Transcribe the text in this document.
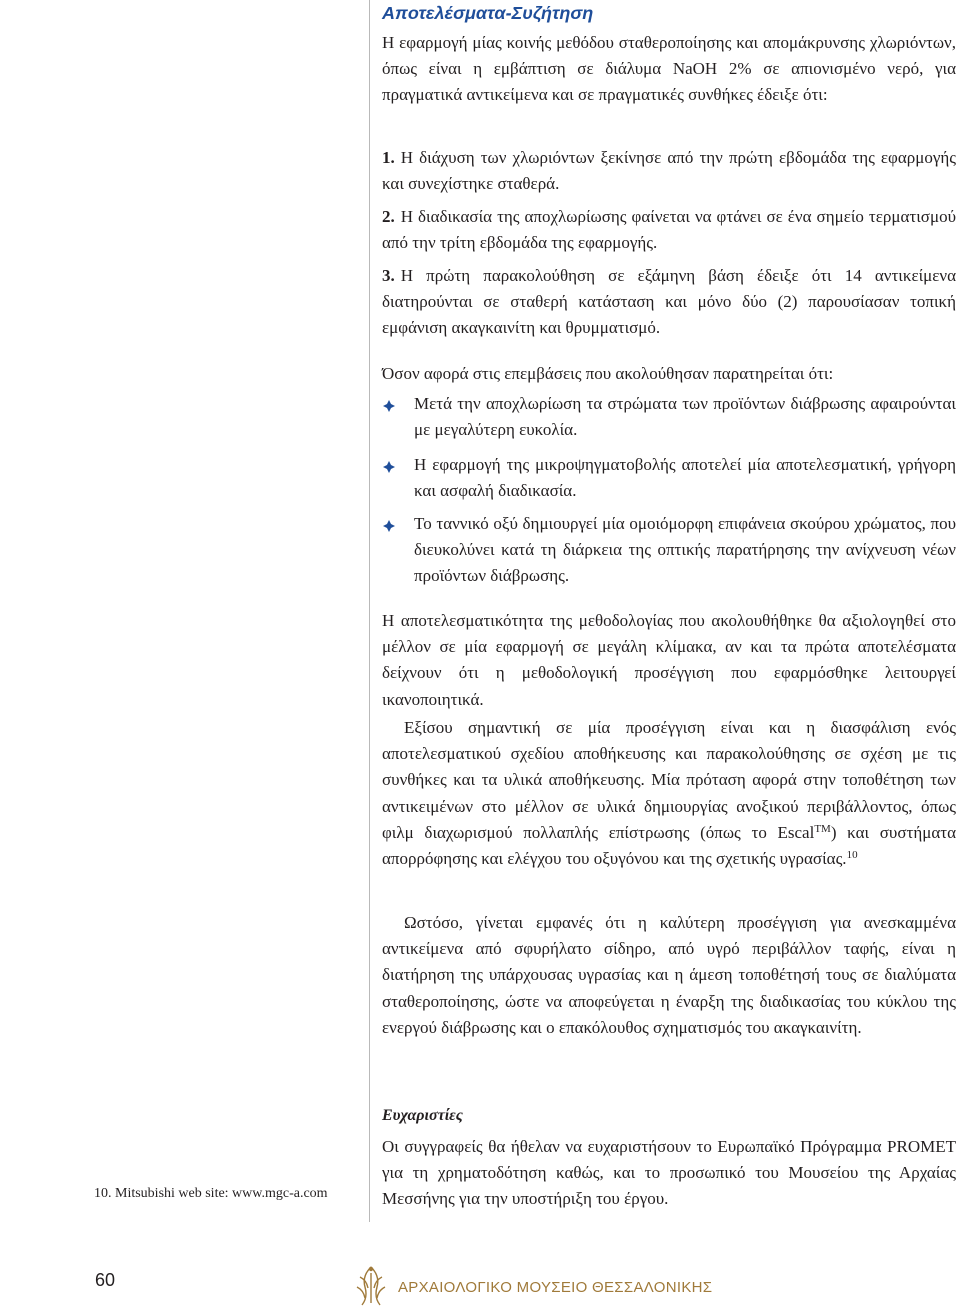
Αποτελέσματα-Συζήτηση

Η εφαρμογή μίας κοινής μεθόδου σταθεροποίησης και απομάκρυνσης χλωριόντων, όπως είναι η εμβάπτιση σε διάλυμα NaOH 2% σε απιονισμένο νερό, για πραγματικά αντικείμενα και σε πραγματικές συνθήκες έδειξε ότι:

1. Η διάχυση των χλωριόντων ξεκίνησε από την πρώτη εβδομάδα της εφαρμογής και συνεχίστηκε σταθερά.

2. Η διαδικασία της αποχλωρίωσης φαίνεται να φτάνει σε ένα σημείο τερματισμού από την τρίτη εβδομάδα της εφαρμογής.

3. Η πρώτη παρακολούθηση σε εξάμηνη βάση έδειξε ότι 14 αντικείμενα διατηρούνται σε σταθερή κατάσταση και μόνο δύο (2) παρουσίασαν τοπική εμφάνιση ακαγκαινίτη και θρυμματισμό.

Όσον αφορά στις επεμβάσεις που ακολούθησαν παρατηρείται ότι:

Μετά την αποχλωρίωση τα στρώματα των προϊόντων διάβρωσης αφαιρούνται με μεγαλύτερη ευκολία.

Η εφαρμογή της μικροψηγματοβολής αποτελεί μία αποτελεσματική, γρήγορη και ασφαλή διαδικασία.

Το ταννικό οξύ δημιουργεί μία ομοιόμορφη επιφάνεια σκούρου χρώματος, που διευκολύνει κατά τη διάρκεια της οπτικής παρατήρησης την ανίχνευση νέων προϊόντων διάβρωσης.

Η αποτελεσματικότητα της μεθοδολογίας που ακολουθήθηκε θα αξιολογηθεί στο μέλλον σε μία εφαρμογή σε μεγάλη κλίμακα, αν και τα πρώτα αποτελέσματα δείχνουν ότι η μεθοδολογική προσέγγιση που εφαρμόσθηκε λειτουργεί ικανοποιητικά.

Εξίσου σημαντική σε μία προσέγγιση είναι και η διασφάλιση ενός αποτελεσματικού σχεδίου αποθήκευσης και παρακολούθησης σε σχέση με τις συνθήκες και τα υλικά αποθήκευσης. Μία πρόταση αφορά στην τοποθέτηση των αντικειμένων στο μέλλον σε υλικά δημιουργίας ανοξικού περιβάλλοντος, όπως φιλμ διαχωρισμού πολλαπλής επίστρωσης (όπως το Escal™) και συστήματα απορρόφησης και ελέγχου του οξυγόνου και της σχετικής υγρασίας.$^{10}$

Ωστόσο, γίνεται εμφανές ότι η καλύτερη προσέγγιση για ανεσκαμμένα αντικείμενα από σφυρήλατο σίδηρο, από υγρό περιβάλλον ταφής, είναι η διατήρηση της υπάρχουσας υγρασίας και η άμεση τοποθέτησή τους σε διαλύματα σταθεροποίησης, ώστε να αποφεύγεται η έναρξη της διαδικασίας του κύκλου της ενεργού διάβρωσης και ο επακόλουθος σχηματισμός του ακαγκαινίτη.

Ευχαριστίες

Οι συγγραφείς θα ήθελαν να ευχαριστήσουν το Ευρωπαϊκό Πρόγραμμα PROMET για τη χρηματοδότηση καθώς, και το προσωπικό του Μουσείου της Αρχαίας Μεσσήνης για την υποστήριξη του έργου.

10. Mitsubishi web site: www.mgc-a.com

60	ΑΡΧΑΙΟΛΟΓΙΚΟ ΜΟΥΣΕΙΟ ΘΕΣΣΑΛΟΝΙΚΗΣ
